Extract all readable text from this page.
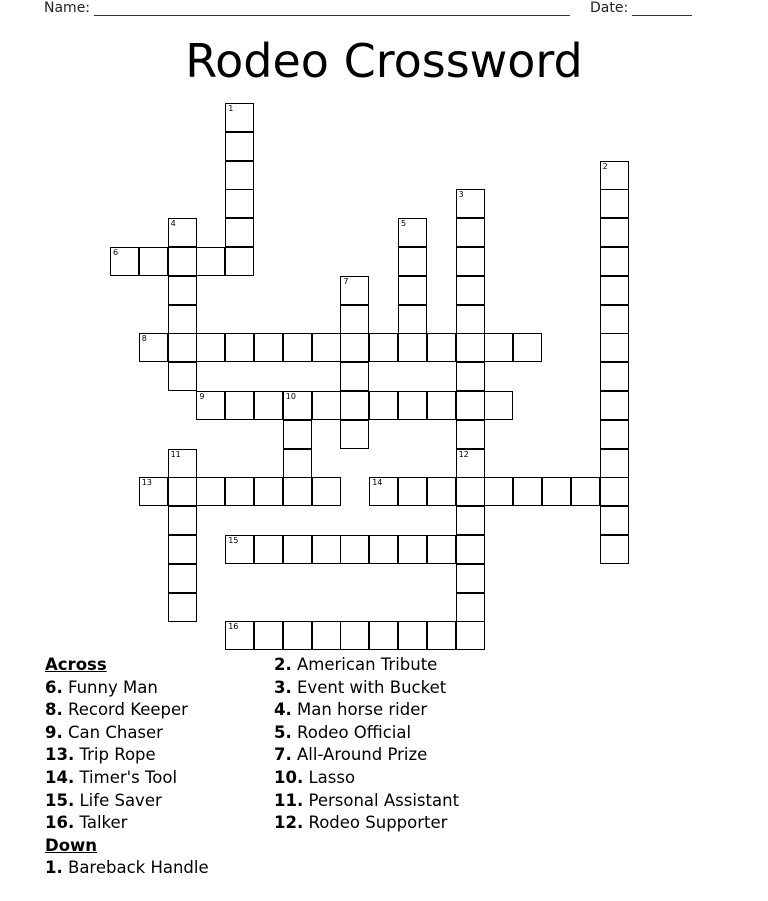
Name:	Date:
Rodeo Crossword
1
2
3
4	5
6
7
8
9	10
11	12
13	14
15
16
Across
6. Funny Man
8. Record Keeper
9. Can Chaser
13. Trip Rope
14. Timer's Tool
15. Life Saver
16. Talker
Down
1. Bareback Handle
2. American Tribute
3. Event with Bucket
4. Man horse rider
5. Rodeo Official
7. All-Around Prize
10. Lasso
11. Personal Assistant
12. Rodeo Supporter
